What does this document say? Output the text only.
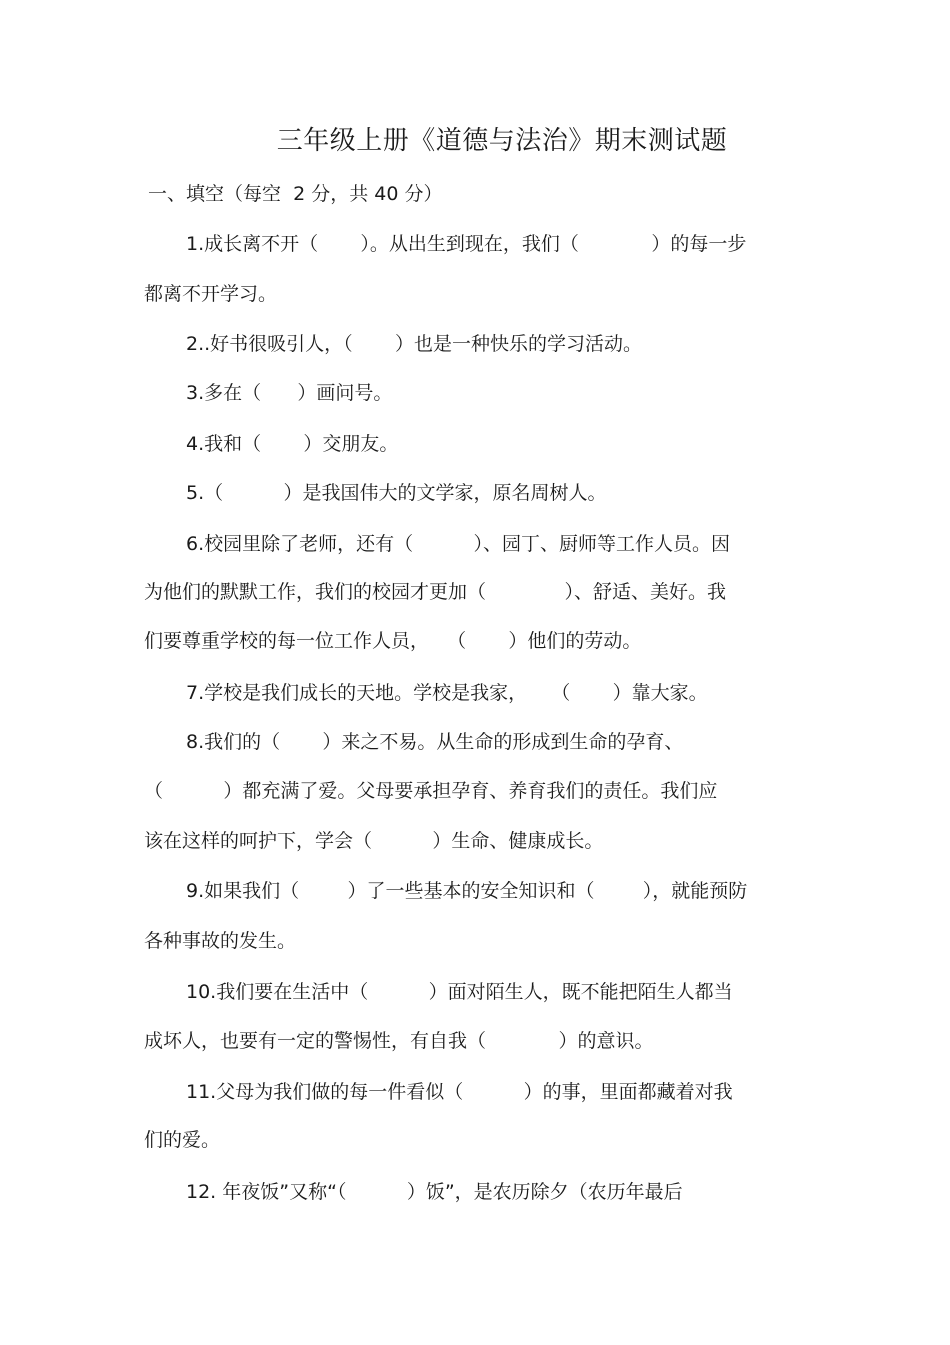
三年级上册《道德与法治》期末测试题
一、填空（每空  2 分，共 40 分）
1.成长离不开（       ）。从出生到现在，我们（            ）的每一步
都离不开学习。
2..好书很吸引人，（       ）也是一种快乐的学习活动。
3.多在（      ）画问号。
4.我和（       ）交朋友。
5.（          ）是我国伟大的文学家，原名周树人。
6.校园里除了老师，还有（          ）、园丁、厨师等工作人员。因
为他们的默默工作，我们的校园才更加（             ）、舒适、美好。我
们要尊重学校的每一位工作人员，   （       ）他们的劳动。
7.学校是我们成长的天地。学校是我家，    （       ）靠大家。
8.我们的（       ）来之不易。从生命的形成到生命的孕育、
（          ）都充满了爱。父母要承担孕育、养育我们的责任。我们应
该在这样的呵护下，学会（          ）生命、健康成长。
9.如果我们（        ）了一些基本的安全知识和（        ），就能预防
各种事故的发生。
10.我们要在生活中（          ）面对陌生人，既不能把陌生人都当
成坏人，也要有一定的警惕性，有自我（            ）的意识。
11.父母为我们做的每一件看似（          ）的事，里面都藏着对我
们的爱。
12. 年夜饭”又称“（          ）饭”，是农历除夕（农历年最后
